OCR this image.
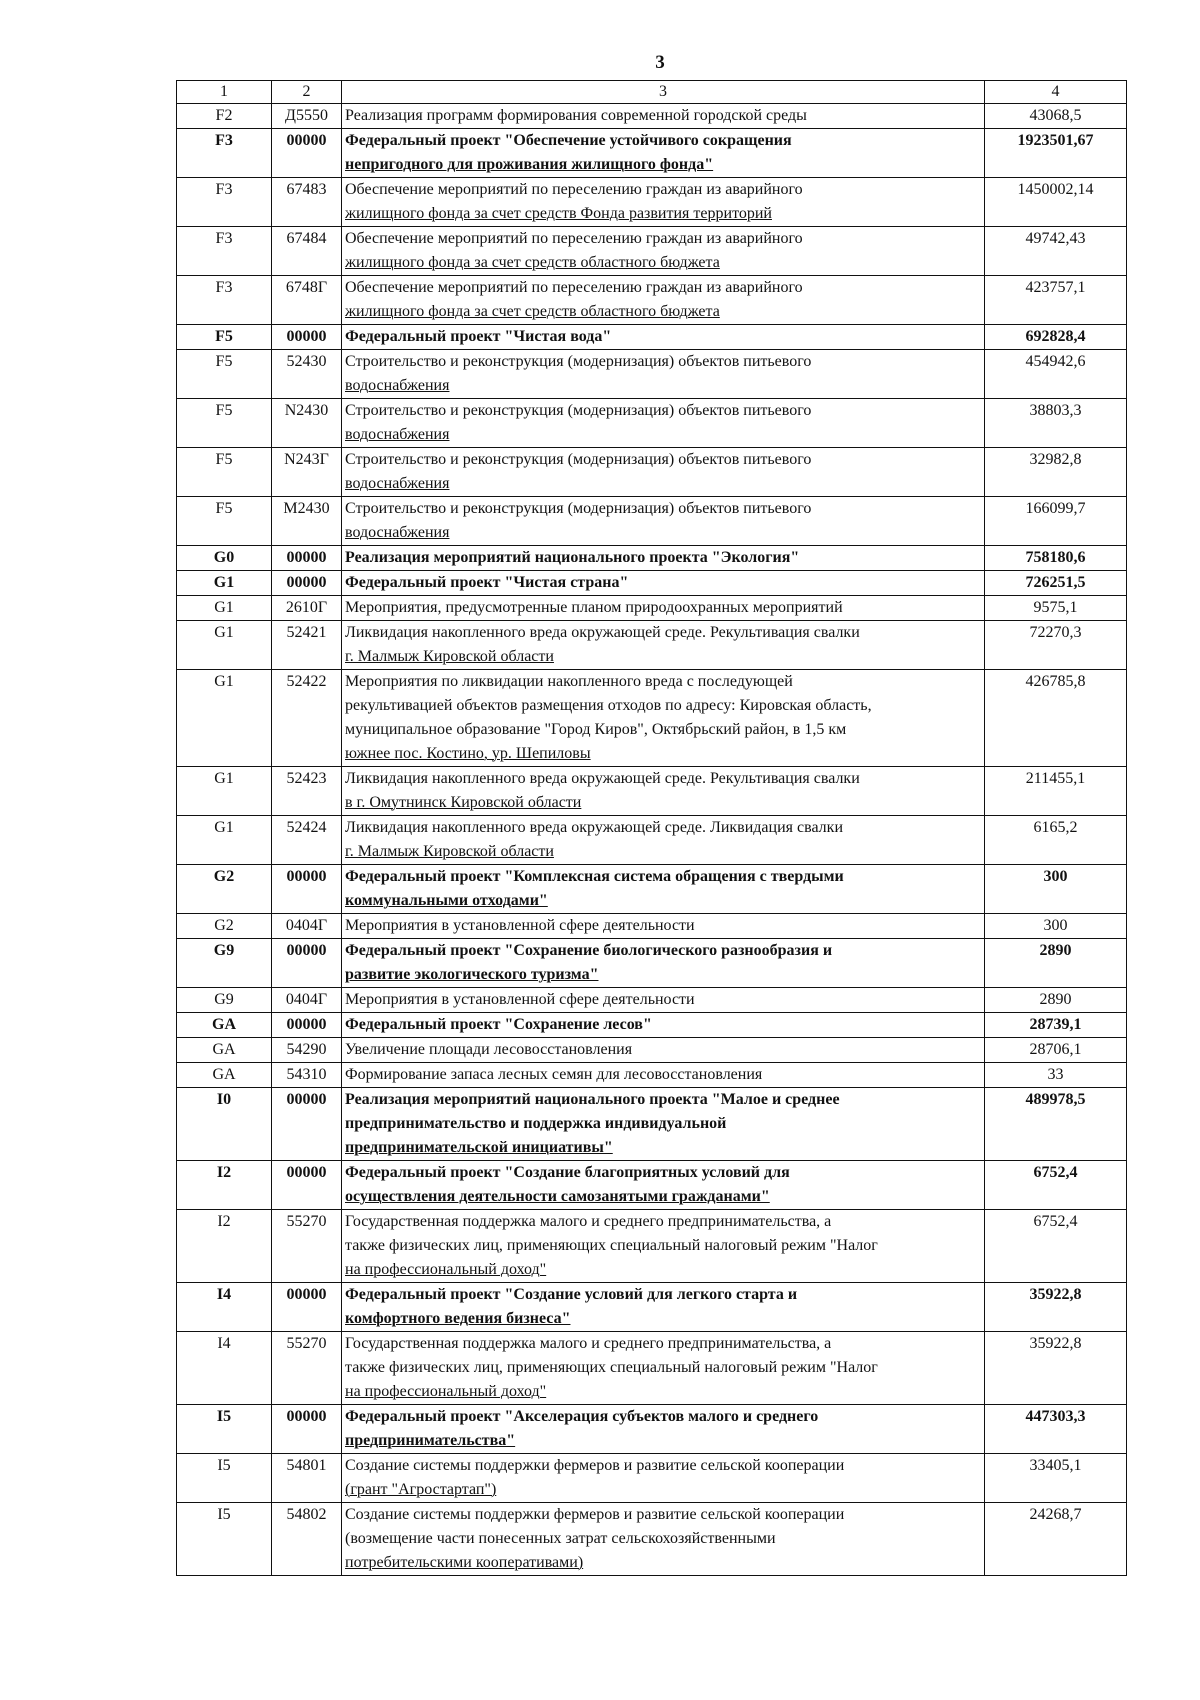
3
1	2	3	4
F2	Д5550	Реализация программ формирования современной городской среды	43068,5
F3	00000	Федеральный проект "Обеспечение устойчивого сокращения
непригодного для проживания жилищного фонда"	1923501,67
F3	67483	Обеспечение мероприятий по переселению граждан из аварийного
жилищного фонда за счет средств Фонда развития территорий	1450002,14
F3	67484	Обеспечение мероприятий по переселению граждан из аварийного
жилищного фонда за счет средств областного бюджета	49742,43
F3	6748Г	Обеспечение мероприятий по переселению граждан из аварийного
жилищного фонда за счет средств областного бюджета	423757,1
F5	00000	Федеральный проект "Чистая вода"	692828,4
F5	52430	Строительство и реконструкция (модернизация) объектов питьевого
водоснабжения	454942,6
F5	N2430	Строительство и реконструкция (модернизация) объектов питьевого
водоснабжения	38803,3
F5	N243Г	Строительство и реконструкция (модернизация) объектов питьевого
водоснабжения	32982,8
F5	M2430	Строительство и реконструкция (модернизация) объектов питьевого
водоснабжения	166099,7
G0	00000	Реализация мероприятий национального проекта "Экология"	758180,6
G1	00000	Федеральный проект "Чистая страна"	726251,5
G1	2610Г	Мероприятия, предусмотренные планом природоохранных мероприятий	9575,1
G1	52421	Ликвидация накопленного вреда окружающей среде. Рекультивация свалки
г. Малмыж Кировской области	72270,3
G1	52422	Мероприятия по ликвидации накопленного вреда с последующей
рекультивацией объектов размещения отходов по адресу: Кировская область,
муниципальное образование "Город Киров", Октябрьский район, в 1,5 км
южнее пос. Костино, ур. Шепиловы	426785,8
G1	52423	Ликвидация накопленного вреда окружающей среде. Рекультивация свалки
в г. Омутнинск Кировской области	211455,1
G1	52424	Ликвидация накопленного вреда окружающей среде. Ликвидация свалки
г. Малмыж Кировской области	6165,2
G2	00000	Федеральный проект "Комплексная система обращения с твердыми
коммунальными отходами"	300
G2	0404Г	Мероприятия в установленной сфере деятельности	300
G9	00000	Федеральный проект "Сохранение биологического разнообразия и
развитие экологического туризма"	2890
G9	0404Г	Мероприятия в установленной сфере деятельности	2890
GA	00000	Федеральный проект "Сохранение лесов"	28739,1
GA	54290	Увеличение площади лесовосстановления	28706,1
GA	54310	Формирование запаса лесных семян для лесовосстановления	33
I0	00000	Реализация мероприятий национального проекта "Малое и среднее
предпринимательство и поддержка индивидуальной
предпринимательской инициативы"	489978,5
I2	00000	Федеральный проект "Создание благоприятных условий для
осуществления деятельности самозанятыми гражданами"	6752,4
I2	55270	Государственная поддержка малого и среднего предпринимательства, а
также физических лиц, применяющих специальный налоговый режим "Налог
на профессиональный доход"	6752,4
I4	00000	Федеральный проект "Создание условий для легкого старта и
комфортного ведения бизнеса"	35922,8
I4	55270	Государственная поддержка малого и среднего предпринимательства, а
также физических лиц, применяющих специальный налоговый режим "Налог
на профессиональный доход"	35922,8
I5	00000	Федеральный проект "Акселерация субъектов малого и среднего
предпринимательства"	447303,3
I5	54801	Создание системы поддержки фермеров и развитие сельской кооперации
(грант "Агростартап")	33405,1
I5	54802	Создание системы поддержки фермеров и развитие сельской кооперации
(возмещение части понесенных затрат сельскохозяйственными
потребительскими кооперативами)	24268,7
